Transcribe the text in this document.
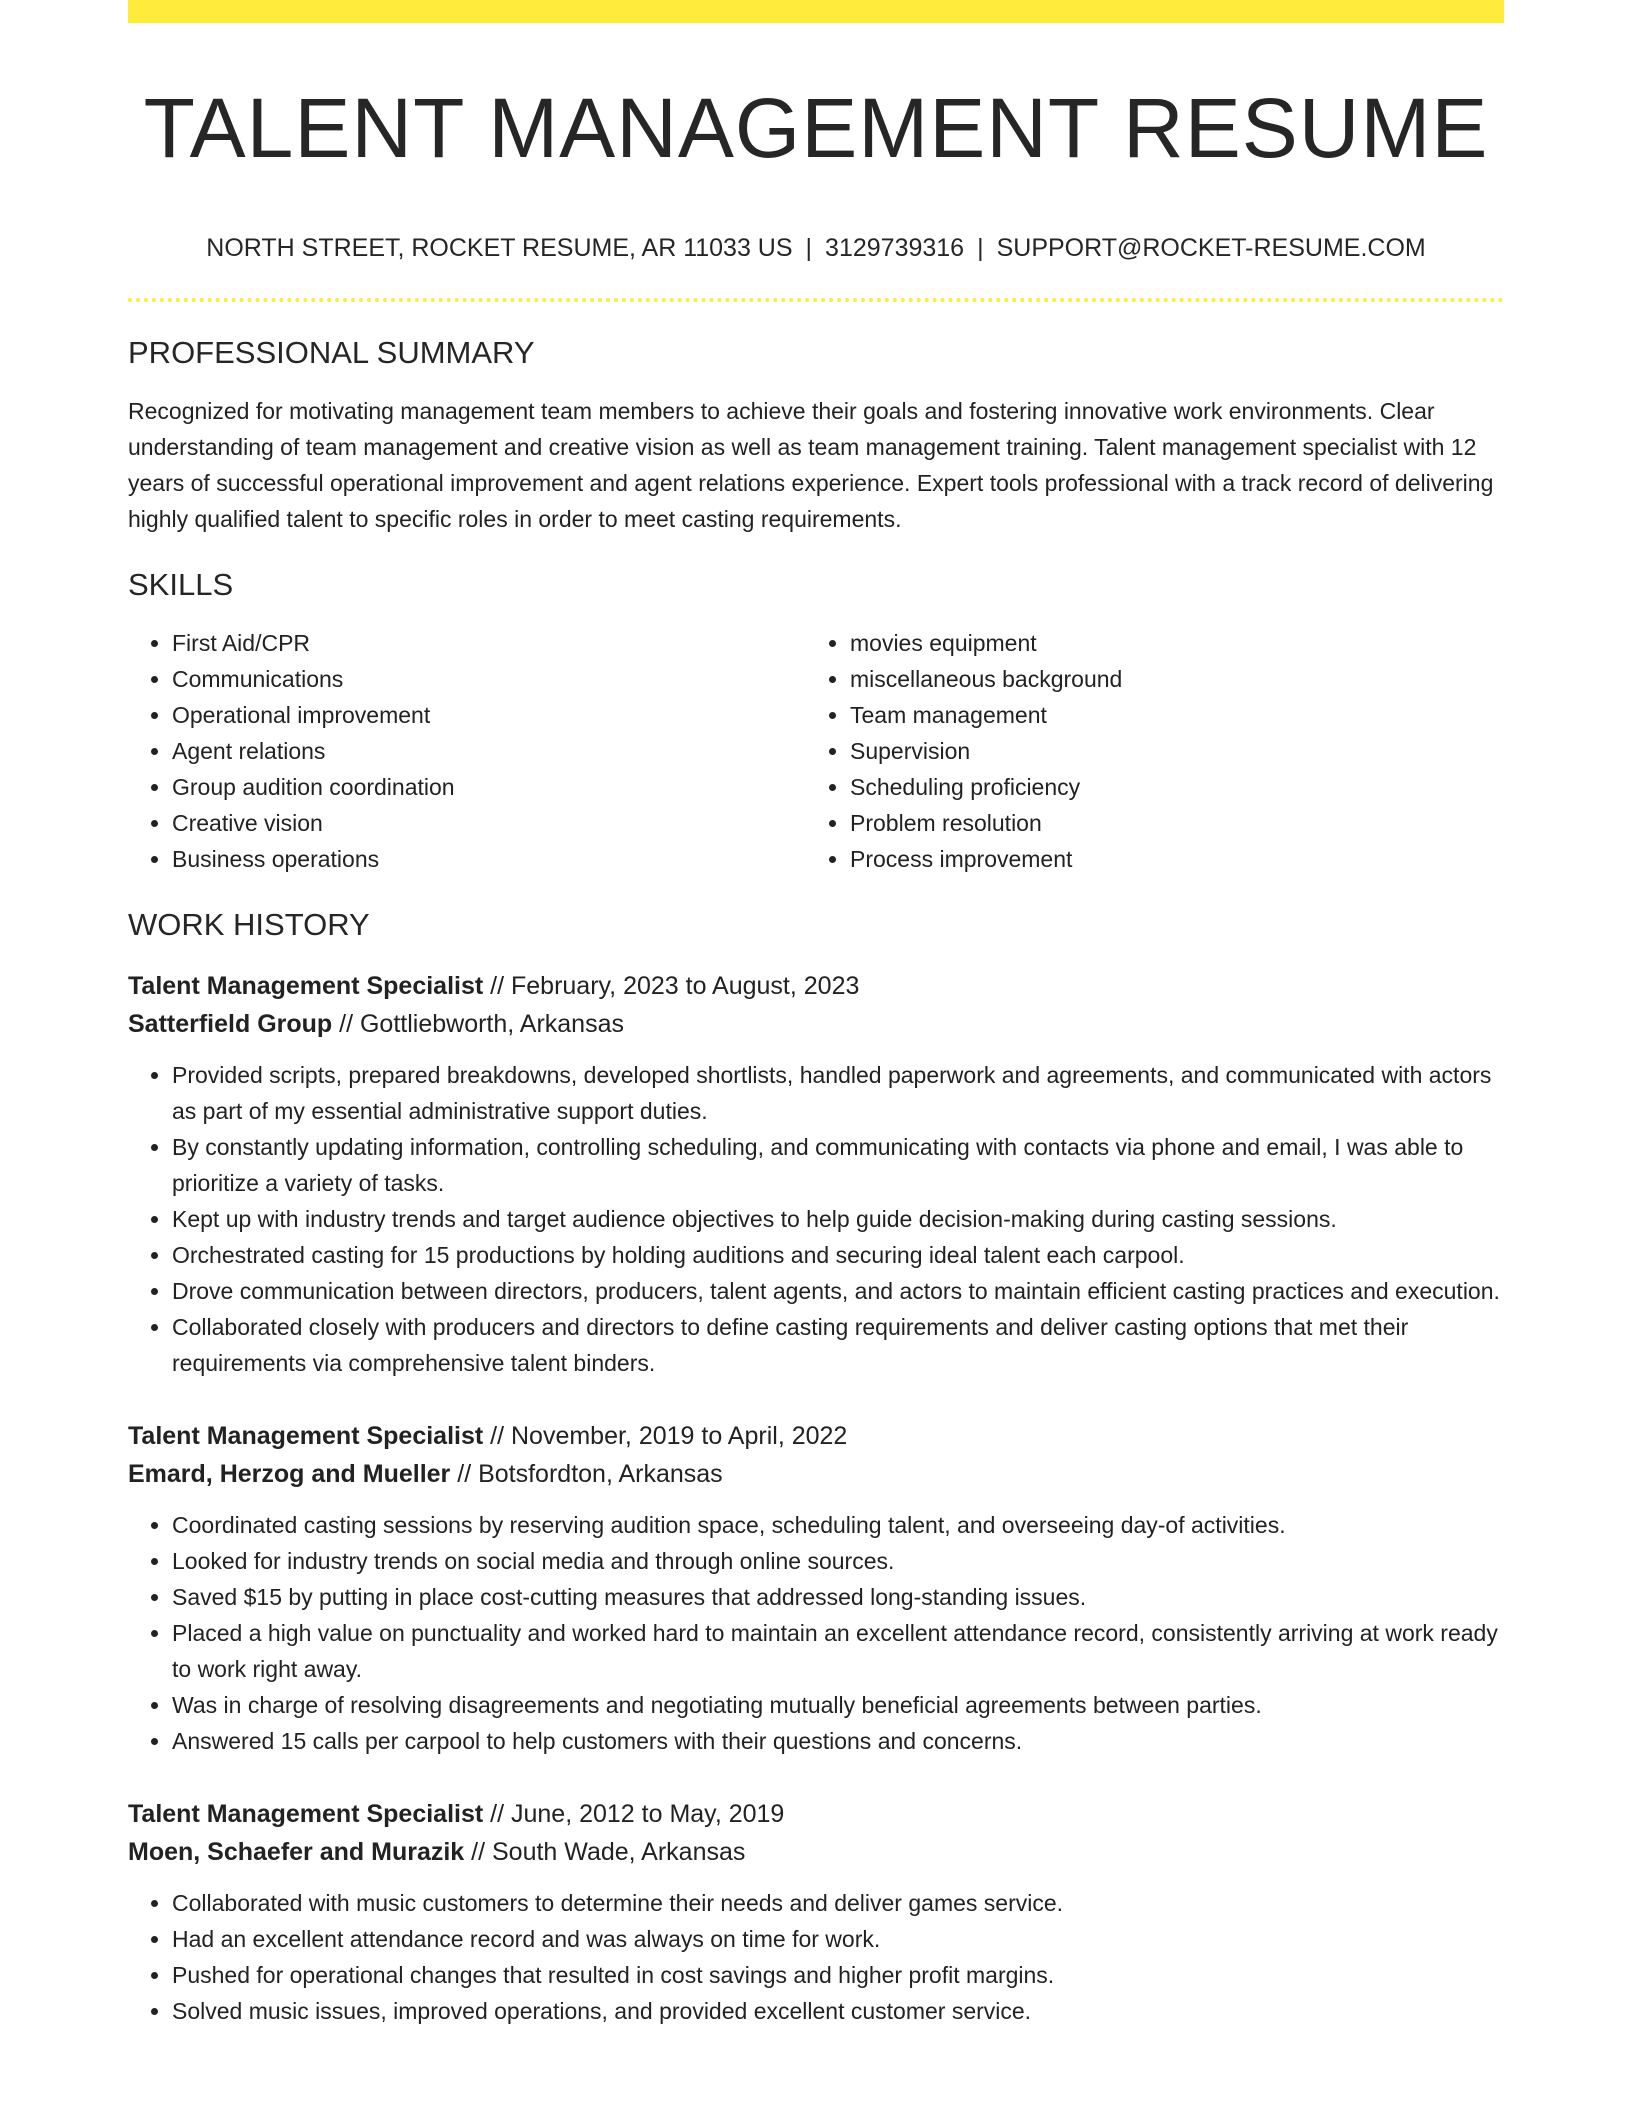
TALENT MANAGEMENT RESUME
NORTH STREET, ROCKET RESUME, AR 11033 US | 3129739316 | SUPPORT@ROCKET-RESUME.COM
PROFESSIONAL SUMMARY

Recognized for motivating management team members to achieve their goals and fostering innovative work environments. Clear understanding of team management and creative vision as well as team management training. Talent management specialist with 12 years of successful operational improvement and agent relations experience. Expert tools professional with a track record of delivering highly qualified talent to specific roles in order to meet casting requirements.

SKILLS
• First Aid/CPR
• Communications
• Operational improvement
• Agent relations
• Group audition coordination
• Creative vision
• Business operations
• movies equipment
• miscellaneous background
• Team management
• Supervision
• Scheduling proficiency
• Problem resolution
• Process improvement
WORK HISTORY
Talent Management Specialist // February, 2023 to August, 2023
Satterfield Group // Gottliebworth, Arkansas
• Provided scripts, prepared breakdowns, developed shortlists, handled paperwork and agreements, and communicated with actors as part of my essential administrative support duties.
• By constantly updating information, controlling scheduling, and communicating with contacts via phone and email, I was able to prioritize a variety of tasks.
• Kept up with industry trends and target audience objectives to help guide decision-making during casting sessions.
• Orchestrated casting for 15 productions by holding auditions and securing ideal talent each carpool.
• Drove communication between directors, producers, talent agents, and actors to maintain efficient casting practices and execution.
• Collaborated closely with producers and directors to define casting requirements and deliver casting options that met their requirements via comprehensive talent binders.
Talent Management Specialist // November, 2019 to April, 2022
Emard, Herzog and Mueller // Botsfordton, Arkansas
• Coordinated casting sessions by reserving audition space, scheduling talent, and overseeing day-of activities.
• Looked for industry trends on social media and through online sources.
• Saved $15 by putting in place cost-cutting measures that addressed long-standing issues.
• Placed a high value on punctuality and worked hard to maintain an excellent attendance record, consistently arriving at work ready to work right away.
• Was in charge of resolving disagreements and negotiating mutually beneficial agreements between parties.
• Answered 15 calls per carpool to help customers with their questions and concerns.
Talent Management Specialist // June, 2012 to May, 2019
Moen, Schaefer and Murazik // South Wade, Arkansas
• Collaborated with music customers to determine their needs and deliver games service.
• Had an excellent attendance record and was always on time for work.
• Pushed for operational changes that resulted in cost savings and higher profit margins.
• Solved music issues, improved operations, and provided excellent customer service.
